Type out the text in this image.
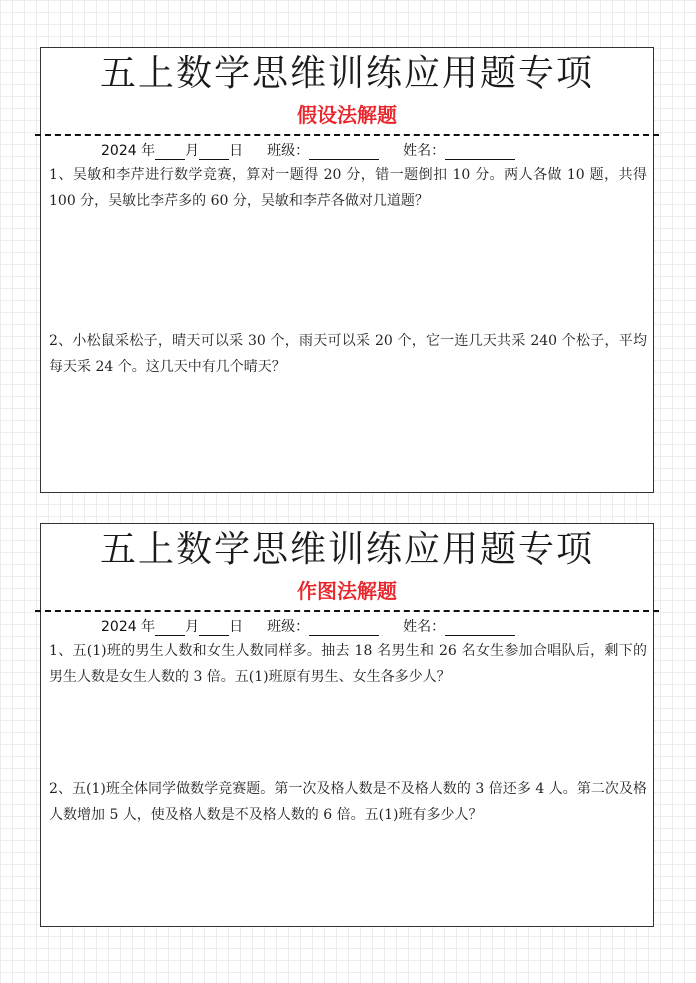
五上数学思维训练应用题专项
假设法解题
2024 年 月 日 班级：	姓名：
1、吴敏和李芹进行数学竞赛，算对一题得 20 分，错一题倒扣 10 分。两人各做 10 题，共得 100 分，吴敏比李芹多的 60 分，吴敏和李芹各做对几道题？
2、小松鼠采松子，晴天可以采 30 个，雨天可以采 20 个，它一连几天共采 240 个松子，平均每天采 24 个。这几天中有几个晴天？
五上数学思维训练应用题专项
作图法解题
2024 年 月 日 班级：	姓名：
1、五(1)班的男生人数和女生人数同样多。抽去 18 名男生和 26 名女生参加合唱队后，剩下的男生人数是女生人数的 3 倍。五(1)班原有男生、女生各多少人？
2、五(1)班全体同学做数学竞赛题。第一次及格人数是不及格人数的 3 倍还多 4 人。第二次及格人数增加 5 人，使及格人数是不及格人数的 6 倍。五(1)班有多少人？
